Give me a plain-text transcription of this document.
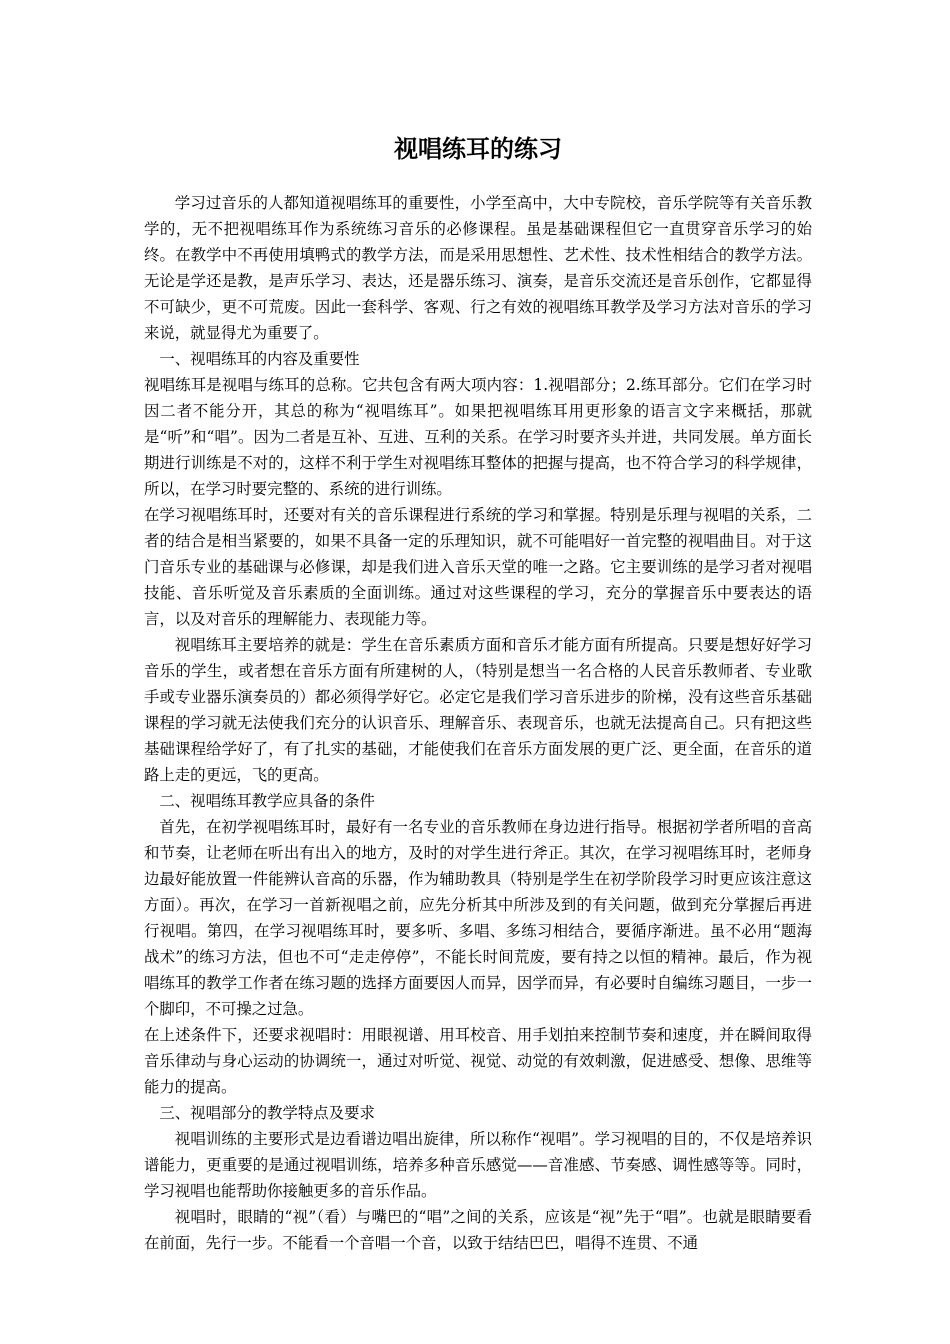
视唱练耳的练习

学习过音乐的人都知道视唱练耳的重要性，小学至高中，大中专院校，音乐学院等有关音乐教学的，无不把视唱练耳作为系统练习音乐的必修课程。虽是基础课程但它一直贯穿音乐学习的始终。在教学中不再使用填鸭式的教学方法，而是采用思想性、艺术性、技术性相结合的教学方法。无论是学还是教，是声乐学习、表达，还是器乐练习、演奏，是音乐交流还是音乐创作，它都显得不可缺少，更不可荒废。因此一套科学、客观、行之有效的视唱练耳教学及学习方法对音乐的学习来说，就显得尤为重要了。

一、视唱练耳的内容及重要性

视唱练耳是视唱与练耳的总称。它共包含有两大项内容：1.视唱部分；2.练耳部分。它们在学习时因二者不能分开，其总的称为“视唱练耳”。如果把视唱练耳用更形象的语言文字来概括，那就是“听”和“唱”。因为二者是互补、互进、互利的关系。在学习时要齐头并进，共同发展。单方面长期进行训练是不对的，这样不利于学生对视唱练耳整体的把握与提高，也不符合学习的科学规律，所以，在学习时要完整的、系统的进行训练。

在学习视唱练耳时，还要对有关的音乐课程进行系统的学习和掌握。特别是乐理与视唱的关系，二者的结合是相当紧要的，如果不具备一定的乐理知识，就不可能唱好一首完整的视唱曲目。对于这门音乐专业的基础课与必修课，却是我们进入音乐天堂的唯一之路。它主要训练的是学习者对视唱技能、音乐听觉及音乐素质的全面训练。通过对这些课程的学习，充分的掌握音乐中要表达的语言，以及对音乐的理解能力、表现能力等。

视唱练耳主要培养的就是：学生在音乐素质方面和音乐才能方面有所提高。只要是想好好学习音乐的学生，或者想在音乐方面有所建树的人，（特别是想当一名合格的人民音乐教师者、专业歌手或专业器乐演奏员的）都必须得学好它。必定它是我们学习音乐进步的阶梯，没有这些音乐基础课程的学习就无法使我们充分的认识音乐、理解音乐、表现音乐，也就无法提高自己。只有把这些基础课程给学好了，有了扎实的基础，才能使我们在音乐方面发展的更广泛、更全面，在音乐的道路上走的更远，飞的更高。

二、视唱练耳教学应具备的条件

首先，在初学视唱练耳时，最好有一名专业的音乐教师在身边进行指导。根据初学者所唱的音高和节奏，让老师在听出有出入的地方，及时的对学生进行斧正。其次，在学习视唱练耳时，老师身边最好能放置一件能辨认音高的乐器，作为辅助教具（特别是学生在初学阶段学习时更应该注意这方面）。再次，在学习一首新视唱之前，应先分析其中所涉及到的有关问题，做到充分掌握后再进行视唱。第四，在学习视唱练耳时，要多听、多唱、多练习相结合，要循序渐进。虽不必用“题海战术”的练习方法，但也不可“走走停停”，不能长时间荒废，要有持之以恒的精神。最后，作为视唱练耳的教学工作者在练习题的选择方面要因人而异，因学而异，有必要时自编练习题目，一步一个脚印，不可操之过急。

在上述条件下，还要求视唱时：用眼视谱、用耳校音、用手划拍来控制节奏和速度，并在瞬间取得音乐律动与身心运动的协调统一，通过对听觉、视觉、动觉的有效刺激，促进感受、想像、思维等能力的提高。

三、视唱部分的教学特点及要求

视唱训练的主要形式是边看谱边唱出旋律，所以称作“视唱”。学习视唱的目的，不仅是培养识谱能力，更重要的是通过视唱训练，培养多种音乐感觉——音准感、节奏感、调性感等等。同时，学习视唱也能帮助你接触更多的音乐作品。

视唱时，眼睛的“视”（看）与嘴巴的“唱”之间的关系，应该是“视”先于“唱”。也就是眼睛要看在前面，先行一步。不能看一个音唱一个音，以致于结结巴巴，唱得不连贯、不通
